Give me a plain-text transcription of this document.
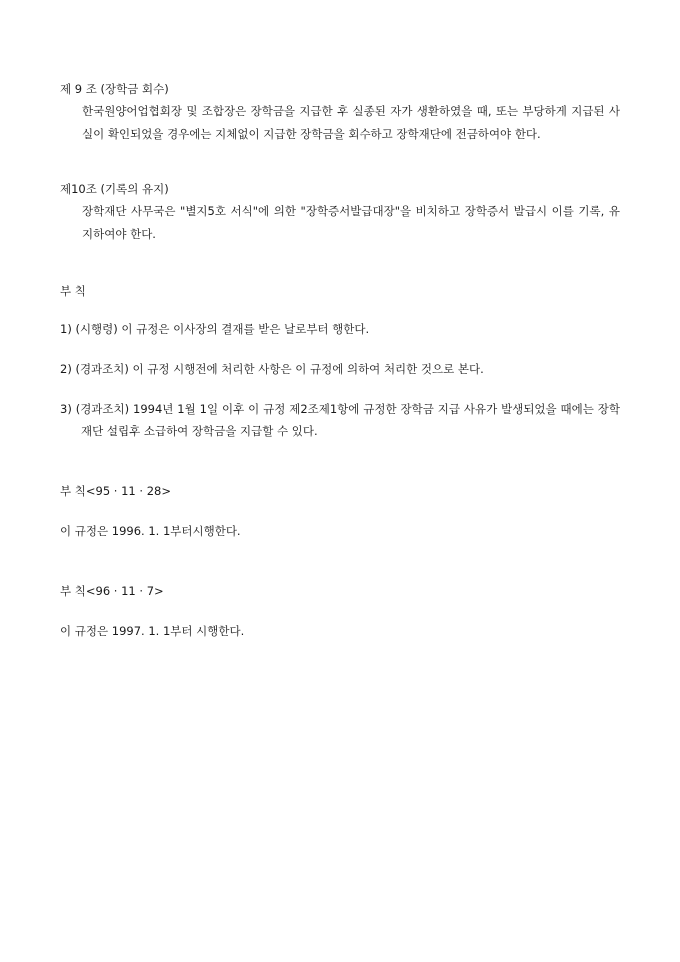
제 9 조 (장학금 회수)
한국원양어업협회장 및 조합장은 장학금을 지급한 후 실종된 자가 생환하였을 때, 또는 부당하게 지급된 사실이 확인되었을 경우에는 지체없이 지급한 장학금을 회수하고 장학재단에 전금하여야 한다.
제10조 (기록의 유지)
장학재단 사무국은 "별지5호 서식"에 의한 "장학증서발급대장"을 비치하고 장학증서 발급시 이를 기록, 유지하여야 한다.
부 칙
1) (시행령) 이 규정은 이사장의 결재를 받은 날로부터 행한다.
2) (경과조치) 이 규정 시행전에 처리한 사항은 이 규정에 의하여 처리한 것으로 본다.
3) (경과조치) 1994년 1월 1일 이후 이 규정 제2조제1항에 규정한 장학금 지급 사유가 발생되었을 때에는 장학재단 설립후 소급하여 장학금을 지급할 수 있다.
부 칙<95 · 11 · 28>
이 규정은 1996. 1. 1부터시행한다.
부 칙<96 · 11 · 7>
이 규정은 1997. 1. 1부터 시행한다.
